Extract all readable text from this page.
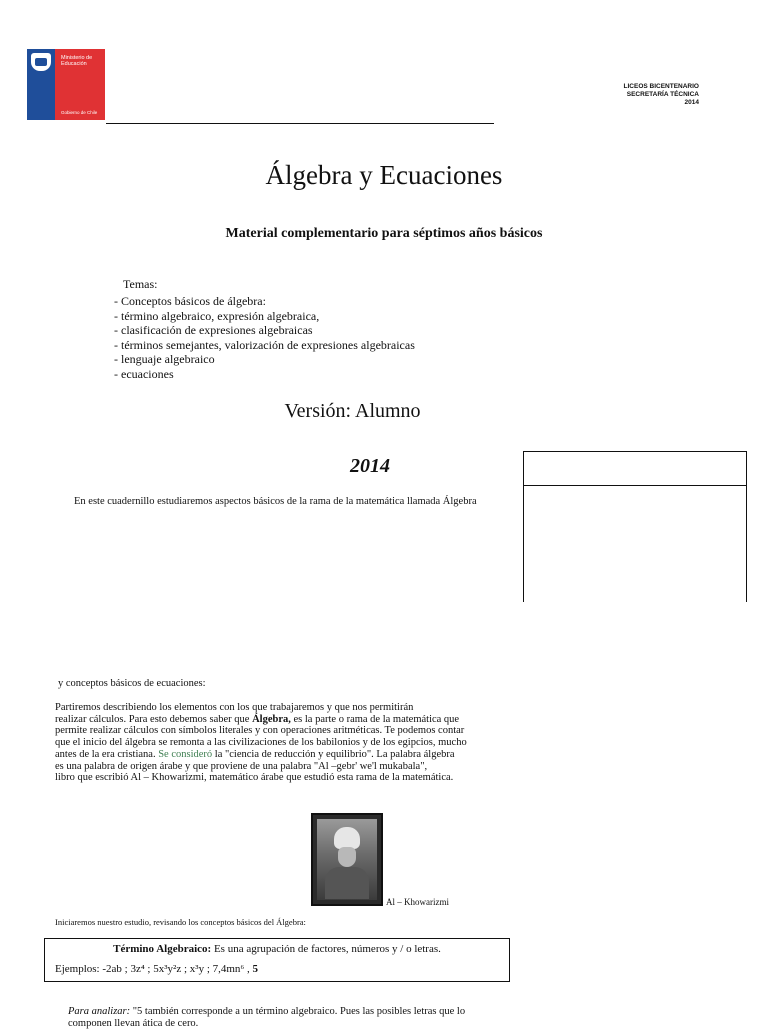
Ministerio de
Educación
Gobierno de Chile
LICEOS BICENTENARIO
SECRETARÍA TÉCNICA
2014
Álgebra y Ecuaciones
Material complementario para séptimos años básicos
Temas:
- Conceptos básicos de álgebra:
- término algebraico, expresión algebraica,
- clasificación de expresiones algebraicas
- términos semejantes, valorización de expresiones algebraicas
- lenguaje algebraico
- ecuaciones
Versión: Alumno
2014
En este cuadernillo estudiaremos aspectos básicos de la rama de la matemática llamada Álgebra
y conceptos básicos de ecuaciones:

Partiremos describiendo los elementos con los que trabajaremos y que nos permitirán

realizar cálculos. Para esto debemos saber que Álgebra, es la parte o rama de la matemática que

permite realizar cálculos con símbolos literales y con operaciones aritméticas. Te podemos contar

que el inicio del álgebra se remonta a las civilizaciones de los babilonios y de los egipcios, mucho

antes de la era cristiana. Se consideró la "ciencia de reducción y equilibrio". La palabra álgebra

es una palabra de origen árabe y que proviene de una palabra "Al –gebr' we'l mukabala",

libro que escribió Al – Khowarizmi, matemático árabe que estudió esta rama de la matemática.

Al – Khowarizmi
Iniciaremos nuestro estudio, revisando los conceptos básicos del Álgebra:
Término Algebraico: Es una agrupación de factores, números y / o letras.
Ejemplos: -2ab ; 3z⁴ ; 5x³y²z ; x³y ; 7,4mn⁶ , 5
Para analizar: "5 también corresponde a un término algebraico. Pues las posibles letras que lo
componen llevan ática de cero.
